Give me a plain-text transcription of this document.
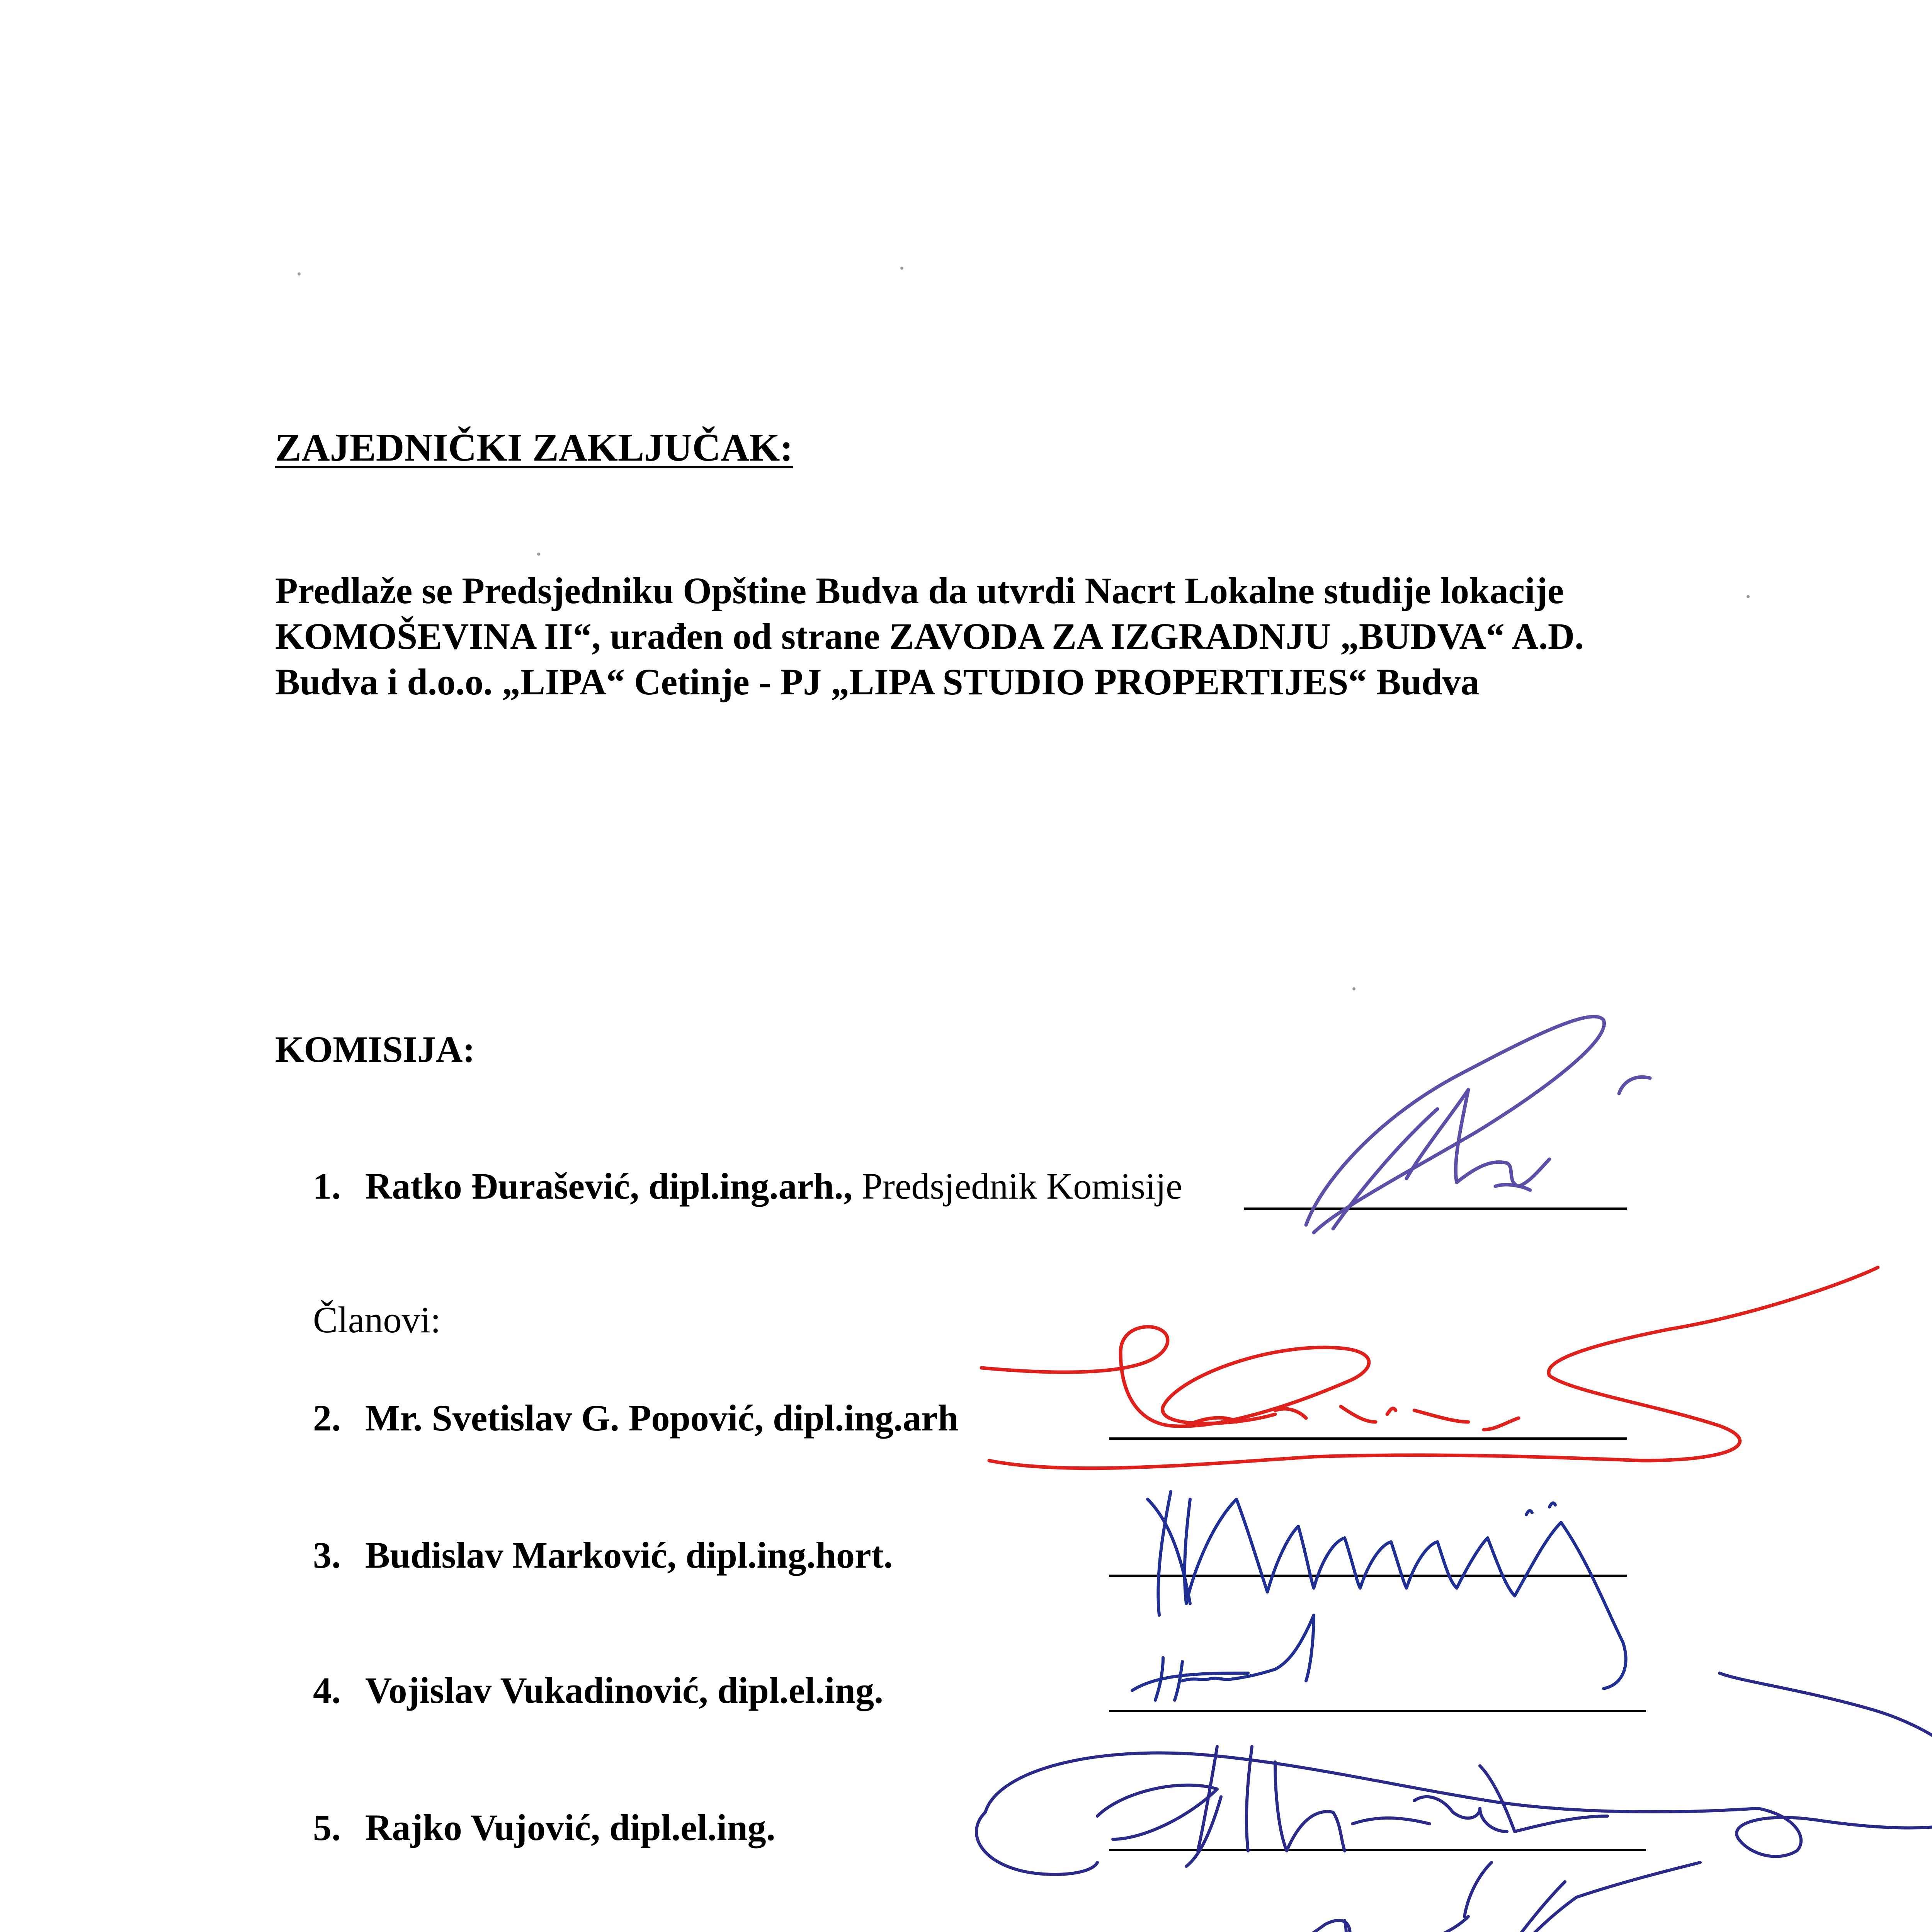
ZAJEDNIČKI ZAKLJUČAK:
Predlaže se Predsjedniku Opštine Budva da utvrdi Nacrt Lokalne studije lokacije
KOMOŠEVINA II“, urađen od strane ZAVODA ZA IZGRADNJU „BUDVA“ A.D.
Budva i d.o.o. „LIPA“ Cetinje - PJ „LIPA STUDIO PROPERTIJES“ Budva
KOMISIJA:
1. Ratko Đurašević, dipl.ing.arh., Predsjednik Komisije
Članovi:
2. Mr. Svetislav G. Popović, dipl.ing.arh
3. Budislav Marković, dipl.ing.hort.
4. Vojislav Vukadinović, dipl.el.ing.
5. Rajko Vujović, dipl.el.ing.
